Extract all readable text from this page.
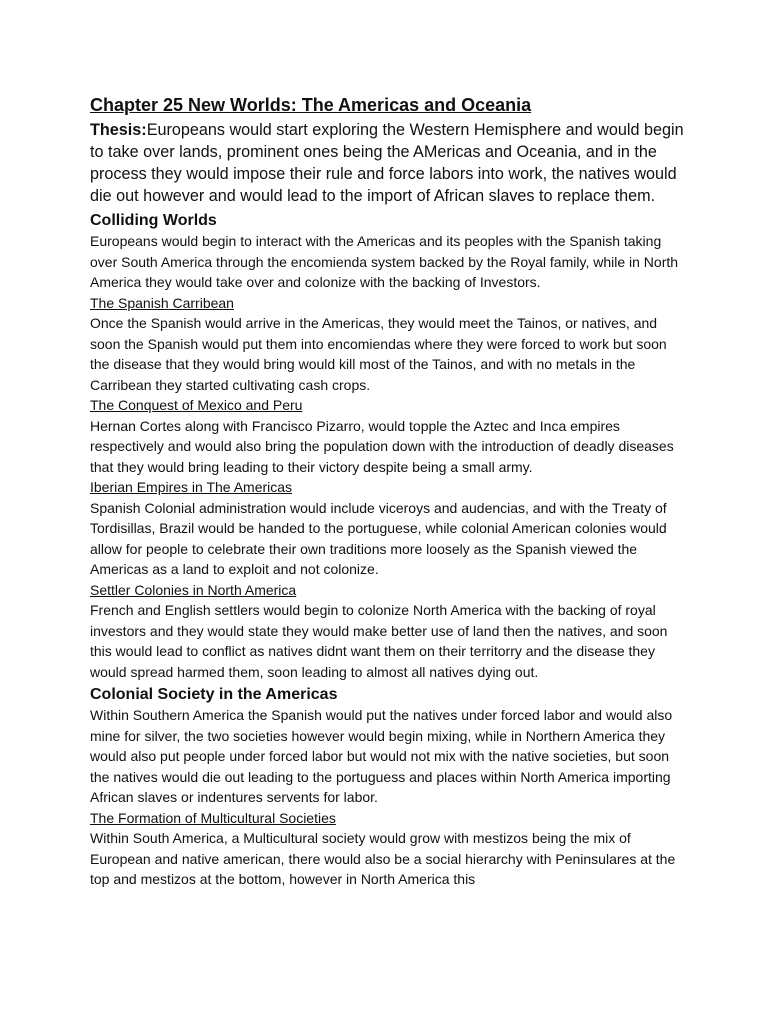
Chapter 25 New Worlds: The Americas and Oceania

Thesis:Europeans would start exploring the Western Hemisphere and would begin to take over lands, prominent ones being the AMericas and Oceania, and in the process they would impose their rule and force labors into work, the natives would die out however and would lead to the import of African slaves to replace them.

Colliding Worlds

Europeans would begin to interact with the Americas and its peoples with the Spanish taking over South America through the encomienda system backed by the Royal family, while in North America they would take over and colonize with the backing of Investors.

The Spanish Carribean

Once the Spanish would arrive in the Americas, they would meet the Tainos, or natives, and soon the Spanish would put them into encomiendas where they were forced to work but soon the disease that they would bring would kill most of the Tainos, and with no metals in the Carribean they started cultivating cash crops.

The Conquest of Mexico and Peru

Hernan Cortes along with Francisco Pizarro, would topple the Aztec and Inca empires respectively and would also bring the population down with the introduction of deadly diseases that they would bring leading to their victory despite being a small army.

Iberian Empires in The Americas

Spanish Colonial administration would include viceroys and audencias, and with the Treaty of Tordisillas, Brazil would be handed to the portuguese, while colonial American colonies would allow for people to celebrate their own traditions more loosely as the Spanish viewed the Americas as a land to exploit and not colonize.

Settler Colonies in North America

French and English settlers would begin to colonize North America with the backing of royal investors and they would state they would make better use of land then the natives, and soon this would lead to conflict as natives didnt want them on their territorry and the disease they would spread harmed them, soon leading to almost all natives dying out.

Colonial Society in the Americas

Within Southern America the Spanish would put the natives under forced labor and would also mine for silver, the two societies however would begin mixing, while in Northern America they would also put people under forced labor but would not mix with the native societies, but soon the natives would die out leading to the portuguess and places within North America importing African slaves or indentures servents for labor.

The Formation of Multicultural Societies

Within South America, a Multicultural society would grow with mestizos being the mix of European and native american, there would also be a social hierarchy with Peninsulares at the top and mestizos at the bottom, however in North America this
